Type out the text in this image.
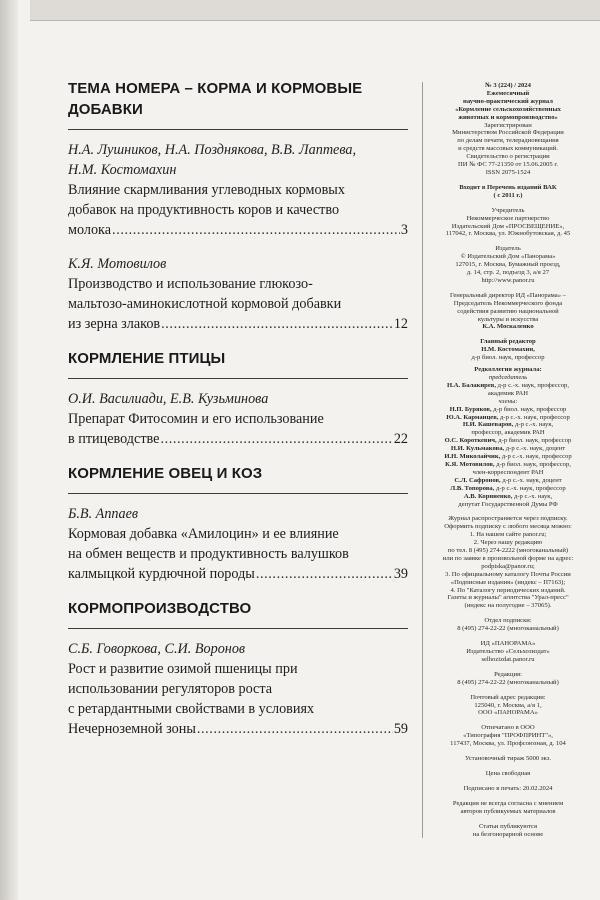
ТЕМА НОМЕРА – КОРМА И КОРМОВЫЕ
ДОБАВКИ
Н.А. Лушников, Н.А. Позднякова, В.В. Лаптева,
Н.М. Костомахин
Влияние скармливания углеводных кормовых
добавок на продуктивность коров и качество
молока .....	3
К.Я. Мотовилов
Производство и использование глюкозо-
мальтозо-аминокислотной кормовой добавки
из зерна злаков .....	12
КОРМЛЕНИЕ ПТИЦЫ
О.И. Василиади, Е.В. Кузьминова
Препарат Фитосомин и его использование
в птицеводстве .....	22
КОРМЛЕНИЕ ОВЕЦ И КОЗ
Б.В. Аппаев
Кормовая добавка «Амилоцин» и ее влияние
на обмен веществ и продуктивность валушков
калмыцкой курдючной породы .....	39
КОРМОПРОИЗВОДСТВО
С.Б. Говоркова, С.И. Воронов
Рост и развитие озимой пшеницы при
использовании регуляторов роста
с ретардантными свойствами в условиях
Нечерноземной зоны .....	59
№ 3 (224) / 2024
Ежемесячный
научно-практический журнал
«Кормление сельскохозяйственных
животных и кормопроизводство»
Зарегистрирован
Министерством Российской Федерации
по делам печати, телерадиовещания
и средств массовых коммуникаций.
Свидетельство о регистрации
ПИ № ФС 77-21350 от 15.06.2005 г.
ISSN 2075-1524
Входит в Перечень изданий ВАК
( с 2011 г.)
Учредитель
Некоммерческое партнерство
Издательский Дом «ПРОСВЕЩЕНИЕ»,
117042, г. Москва, ул. Южнобутовская, д. 45
Издатель
© Издательский Дом «Панорама»
127015, г. Москва, Бумажный проезд,
д. 14, стр. 2, подъезд 3, а/я 27
http://www.panor.ru
Генеральный директор ИД «Панорама» –
Председатель Некоммерческого фонда
содействия развитию национальной
культуры и искусства
К.А. Москаленко
Главный редактор
Н.М. Костомахин,
д-р биол. наук, профессор
Редколлегия журнала:
председатель
Н.А. Балакирев, д-р с.-х. наук, профессор,
академик РАН
члены:
Н.П. Буряков, д-р биол. наук, профессор
Ю.А. Карманцев, д-р с.-х. наук, профессор
Н.И. Кашеваров, д-р с.-х. наук,
профессор, академик РАН
О.С. Короткевич, д-р биол. наук, профессор
Н.И. Кульмакова, д-р с.-х. наук, доцент
И.Н. Миколайчик, д-р с.-х. наук, профессор
К.Я. Мотовилов, д-р биол. наук, профессор,
член-корреспондент РАН
С.Л. Сафронов, д-р с.-х. наук, доцент
Л.В. Топорова, д-р с.-х. наук, профессор
А.В. Корниенко, д-р с.-х. наук,
депутат Государственной Думы РФ
Журнал распространяется через подписку.
Оформить подписку с любого месяца можно:
1. На нашем сайте panor.ru;
2. Через нашу редакцию
по тел. 8 (495) 274-2222 (многоканальный)
или по заявке в произвольной форме на адрес:
podpiska@panor.ru;
3. По официальному каталогу Почты России
«Подписные издания» (индекс – П7163);
4. По "Каталогу периодических изданий.
Газеты и журналы" агентства "Урал-пресс"
(индекс на полугодие – 37065).
Отдел подписки:
8 (495) 274-22-22 (многоканальный)
ИД «ПАНОРАМА»
Издательство «Сельхозиздат»
selhozizdat.panor.ru
Редакция:
8 (495) 274-22-22 (многоканальный)
Почтовый адрес редакции:
125040, г. Москва, а/я 1,
ООО «ПАНОРАМА»
Отпечатано в ООО
«Типография "ПРОФПРИНТ"»,
117437, Москва, ул. Профсоюзная, д. 104
Установочный тираж 5000 экз.
Цена свободная
Подписано в печать: 20.02.2024
Редакция не всегда согласна с мнением
авторов публикуемых материалов
Статьи публикуются
на безгонорарной основе
